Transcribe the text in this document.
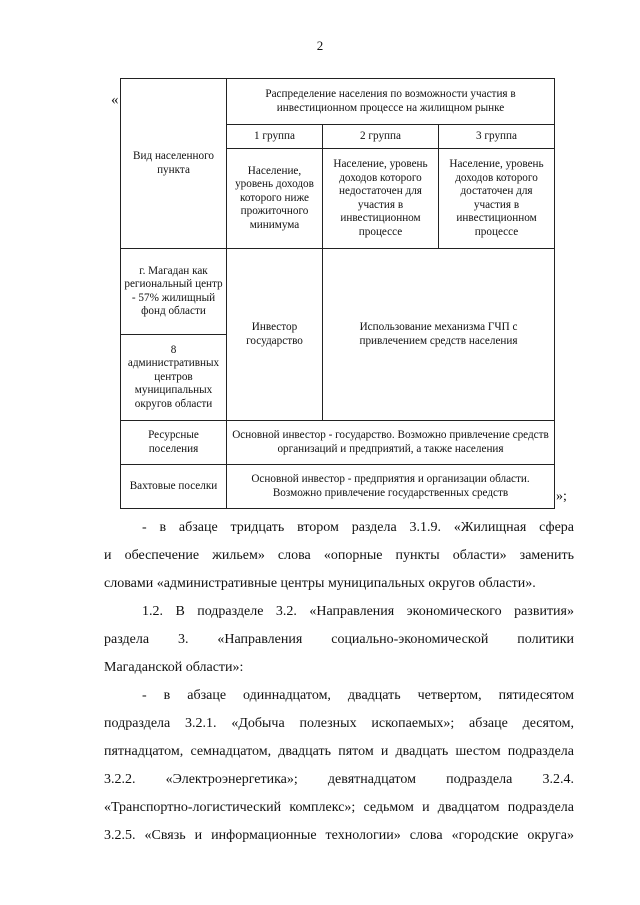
2
«
Вид населенного пункта	Распределение населения по возможности участия в инвестиционном процессе на жилищном рынке		
	1 группа	2 группа	3 группа
	Население, уровень доходов которого ниже прожиточного минимума	Население, уровень доходов которого недостаточен для участия в инвестиционном процессе	Население, уровень доходов которого достаточен для участия в инвестиционном процессе
г. Магадан как региональный центр - 57% жилищный фонд области	Инвестор государство	Использование механизма ГЧП с привлечением средств населения	
8 административных центров муниципальных округов области			
Ресурсные поселения	Основной инвестор - государство. Возможно привлечение средств организаций и предприятий, а также населения		
Вахтовые поселки	Основной инвестор - предприятия и организации области. Возможно привлечение государственных средств			»;

- в абзаце тридцать втором раздела 3.1.9. «Жилищная сфера

и обеспечение жильем» слова «опорные пункты области» заменить

словами «административные центры муниципальных округов области».

1.2. В подразделе 3.2. «Направления экономического развития»

раздела 3. «Направления социально-экономической политики

Магаданской области»:

- в абзаце одиннадцатом, двадцать четвертом, пятидесятом

подраздела 3.2.1. «Добыча полезных ископаемых»; абзаце десятом,

пятнадцатом, семнадцатом, двадцать пятом и двадцать шестом подраздела

3.2.2. «Электроэнергетика»; девятнадцатом подраздела 3.2.4.

«Транспортно-логистический комплекс»; седьмом и двадцатом подраздела

3.2.5. «Связь и информационные технологии» слова «городские округа»
